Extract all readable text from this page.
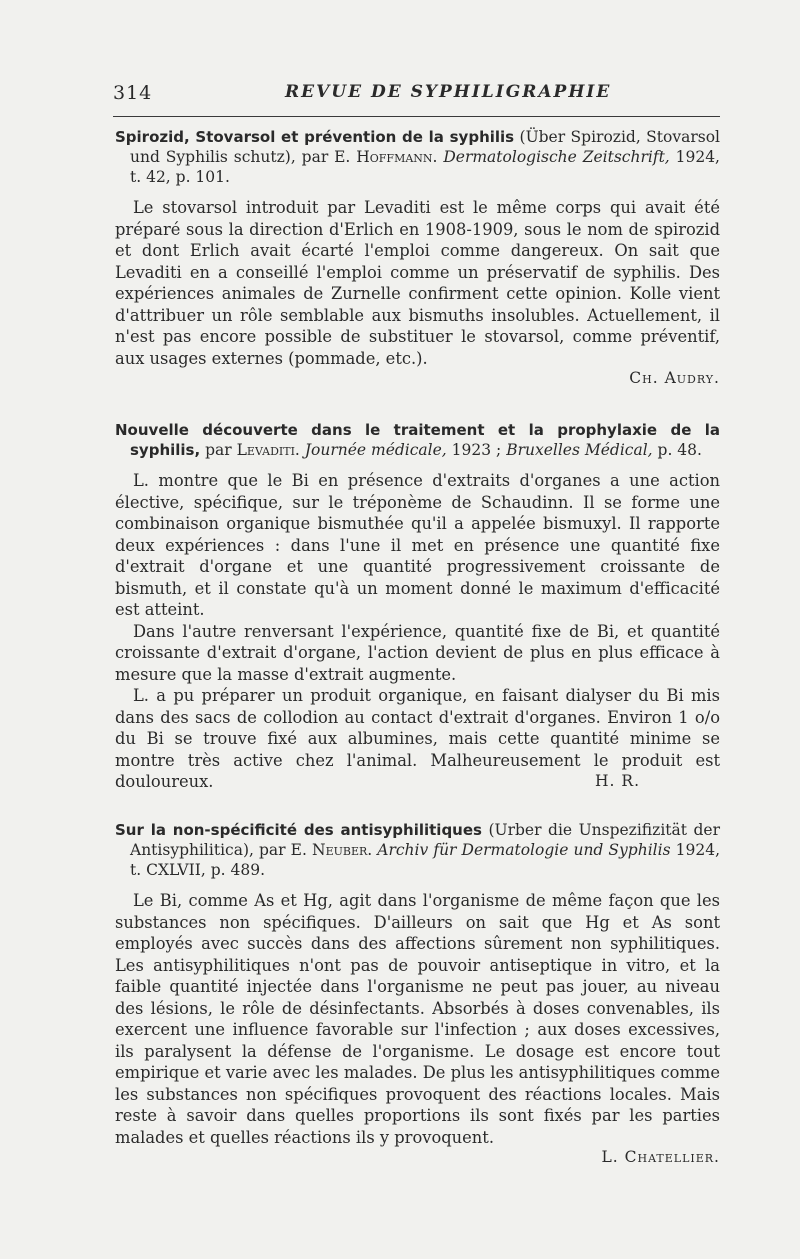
314	REVUE DE SYPHILIGRAPHIE
Spirozid, Stovarsol et prévention de la syphilis (Über Spirozid, Stovarsol und Syphilis schutz), par E. Hoffmann. Dermatologische Zeitschrift, 1924, t. 42, p. 101.

Le stovarsol introduit par Levaditi est le même corps qui avait été préparé sous la direction d'Erlich en 1908-1909, sous le nom de spirozid et dont Erlich avait écarté l'emploi comme dangereux. On sait que Levaditi en a conseillé l'emploi comme un préservatif de syphilis. Des expériences animales de Zurnelle confirment cette opinion. Kolle vient d'attribuer un rôle semblable aux bismuths insolubles. Actuellement, il n'est pas encore possible de substituer le stovarsol, comme préventif, aux usages externes (pommade, etc.).

Ch. Audry.
Nouvelle découverte dans le traitement et la prophylaxie de la syphilis, par Levaditi. Journée médicale, 1923 ; Bruxelles Médical, p. 48.

L. montre que le Bi en présence d'extraits d'organes a une action élective, spécifique, sur le tréponème de Schaudinn. Il se forme une combinaison organique bismuthée qu'il a appelée bismuxyl. Il rapporte deux expériences : dans l'une il met en présence une quantité fixe d'extrait d'organe et une quantité progressivement croissante de bismuth, et il constate qu'à un moment donné le maximum d'efficacité est atteint.

Dans l'autre renversant l'expérience, quantité fixe de Bi, et quantité croissante d'extrait d'organe, l'action devient de plus en plus efficace à mesure que la masse d'extrait augmente.

L. a pu préparer un produit organique, en faisant dialyser du Bi mis dans des sacs de collodion au contact d'extrait d'organes. Environ 1 o/o du Bi se trouve fixé aux albumines, mais cette quantité minime se montre très active chez l'animal. Malheureusement le produit est douloureux.	H. R.
Sur la non-spécificité des antisyphilitiques (Urber die Unspezifizität der Antisyphilitica), par E. Neuber. Archiv für Dermatologie und Syphilis 1924, t. CXLVII, p. 489.

Le Bi, comme As et Hg, agit dans l'organisme de même façon que les substances non spécifiques. D'ailleurs on sait que Hg et As sont employés avec succès dans des affections sûrement non syphilitiques. Les antisyphilitiques n'ont pas de pouvoir antiseptique in vitro, et la faible quantité injectée dans l'organisme ne peut pas jouer, au niveau des lésions, le rôle de désinfectants. Absorbés à doses convenables, ils exercent une influence favorable sur l'infection ; aux doses excessives, ils paralysent la défense de l'organisme. Le dosage est encore tout empirique et varie avec les malades. De plus les antisyphilitiques comme les substances non spécifiques provoquent des réactions locales. Mais reste à savoir dans quelles proportions ils sont fixés par les parties malades et quelles réactions ils y provoquent.

L. Chatellier.
